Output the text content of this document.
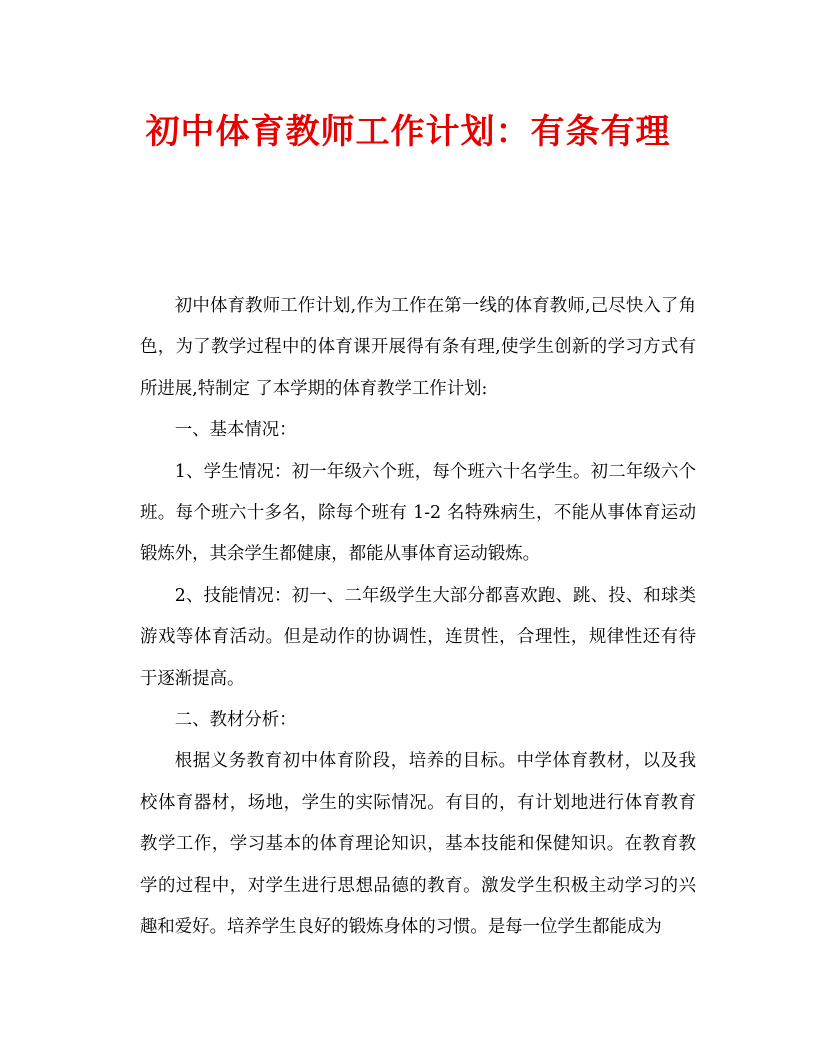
初中体育教师工作计划：有条有理

初中体育教师工作计划,作为工作在第一线的体育教师,己尽快入了角色，为了教学过程中的体育课开展得有条有理,使学生创新的学习方式有所进展,特制定 了本学期的体育教学工作计划:

一、基本情况：

1、学生情况：初一年级六个班，每个班六十名学生。初二年级六个班。每个班六十多名，除每个班有 1-2 名特殊病生，不能从事体育运动锻炼外，其余学生都健康，都能从事体育运动锻炼。

2、技能情况：初一、二年级学生大部分都喜欢跑、跳、投、和球类游戏等体育活动。但是动作的协调性，连贯性，合理性，规律性还有待于逐渐提高。

二、教材分析：

根据义务教育初中体育阶段，培养的目标。中学体育教材，以及我校体育器材，场地，学生的实际情况。有目的，有计划地进行体育教育教学工作，学习基本的体育理论知识，基本技能和保健知识。在教育教学的过程中，对学生进行思想品德的教育。激发学生积极主动学习的兴趣和爱好。培养学生良好的锻炼身体的习惯。是每一位学生都能成为
